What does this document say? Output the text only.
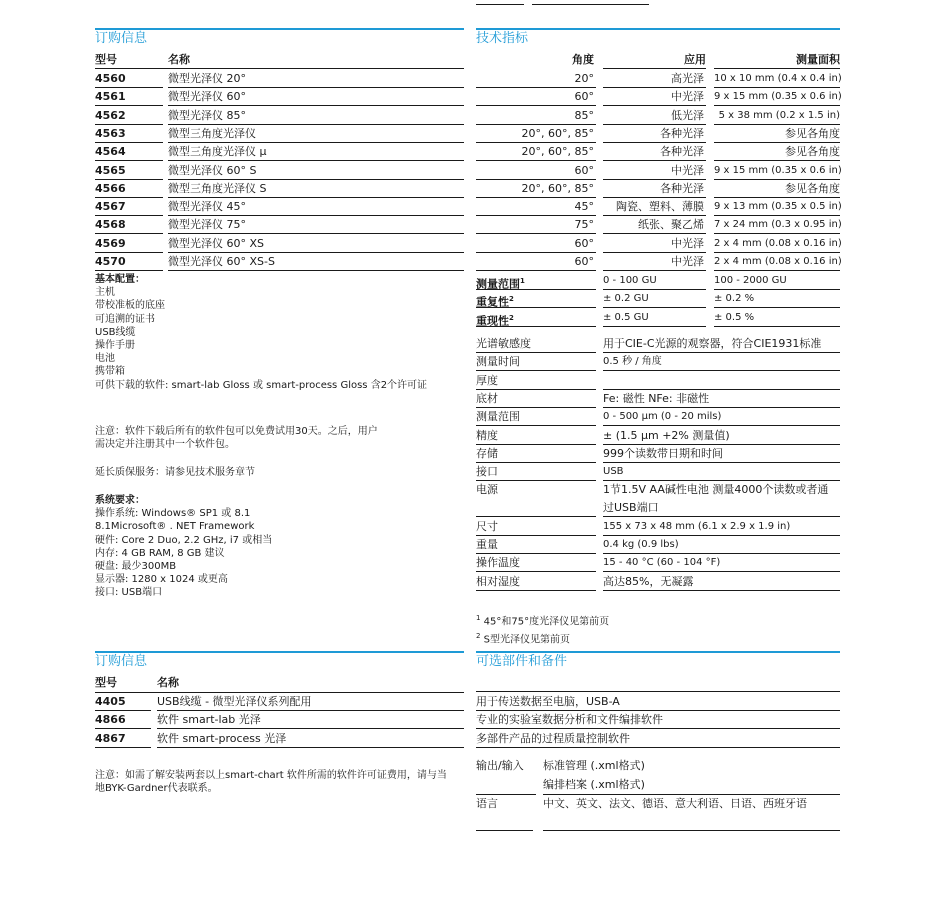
订购信息
型号	名称
4560	微型光泽仪 20°
4561	微型光泽仪 60°
4562	微型光泽仪 85°
4563	微型三角度光泽仪
4564	微型三角度光泽仪 μ
4565	微型光泽仪 60° S
4566	微型三角度光泽仪 S
4567	微型光泽仪 45°
4568	微型光泽仪 75°
4569	微型光泽仪 60° XS
4570	微型光泽仪 60° XS-S
基本配置：
主机
带校准板的底座
可追溯的证书
USB线缆
操作手册
电池
携带箱
可供下载的软件: smart-lab Gloss 或 smart-process Gloss 含2个许可证
注意：软件下载后所有的软件包可以免费试用30天。之后，用户
需决定并注册其中一个软件包。
延长质保服务：请参见技术服务章节
系统要求：
操作系统: Windows® SP1 或 8.1
8.1Microsoft® . NET Framework
硬件: Core 2 Duo, 2.2 GHz, i7 或相当
内存: 4 GB RAM, 8 GB 建议
硬盘: 最少300MB
显示器: 1280 x 1024 或更高
接口: USB端口
技术指标
角度	应用	测量面积
20°	高光泽 10 x 10 mm (0.4 x 0.4 in)
60°	中光泽 9 x 15 mm (0.35 x 0.6 in)
85°	低光泽	5 x 38 mm (0.2 x 1.5 in)
20°, 60°, 85°	各种光泽	参见各角度
20°, 60°, 85°	各种光泽	参见各角度
60°	中光泽 9 x 15 mm (0.35 x 0.6 in)
20°, 60°, 85°	各种光泽	参见各角度
45°	陶瓷、塑料、薄膜 9 x 13 mm (0.35 x 0.5 in)
75°	纸张、聚乙烯 7 x 24 mm (0.3 x 0.95 in)
60°	中光泽 2 x 4 mm (0.08 x 0.16 in)
60°	中光泽 2 x 4 mm (0.08 x 0.16 in)
测量范围$^1$	0 - 100 GU	100 - 2000 GU
重复性$^2$	± 0.2 GU	± 0.2 %
重现性$^2$	± 0.5 GU	± 0.5 %
光谱敏感度	用于CIE-C光源的观察器，符合CIE1931标准
测量时间	0.5 秒 / 角度
厚度
底材	Fe: 磁性 NFe: 非磁性
测量范围	0 - 500 μm (0 - 20 mils)
精度	± (1.5 μm +2% 测量值)
存储	999个读数带日期和时间
接口	USB
电源	1节1.5V AA碱性电池 测量4000个读数或者通
过USB端口
尺寸	155 x 73 x 48 mm (6.1 x 2.9 x 1.9 in)
重量	0.4 kg (0.9 lbs)
操作温度	15 - 40 °C (60 - 104 °F)
相对湿度	高达85%，无凝露
$^1$ 45°和75°度光泽仪见第前页
$^2$ S型光泽仪见第前页
订购信息
型号	名称
4405	USB线缆 - 微型光泽仪系列配用
4866	软件 smart-lab 光泽
4867	软件 smart-process 光泽
注意：如需了解安装两套以上smart-chart 软件所需的软件许可证费用，请与当
地BYK-Gardner代表联系。
可选部件和备件
用于传送数据至电脑，USB-A
专业的实验室数据分析和文件编排软件
多部件产品的过程质量控制软件
输出/输入	标准管理 (.xml格式)
编排档案 (.xml格式)
语言	中文、英文、法文、德语、意大利语、日语、西班牙语
